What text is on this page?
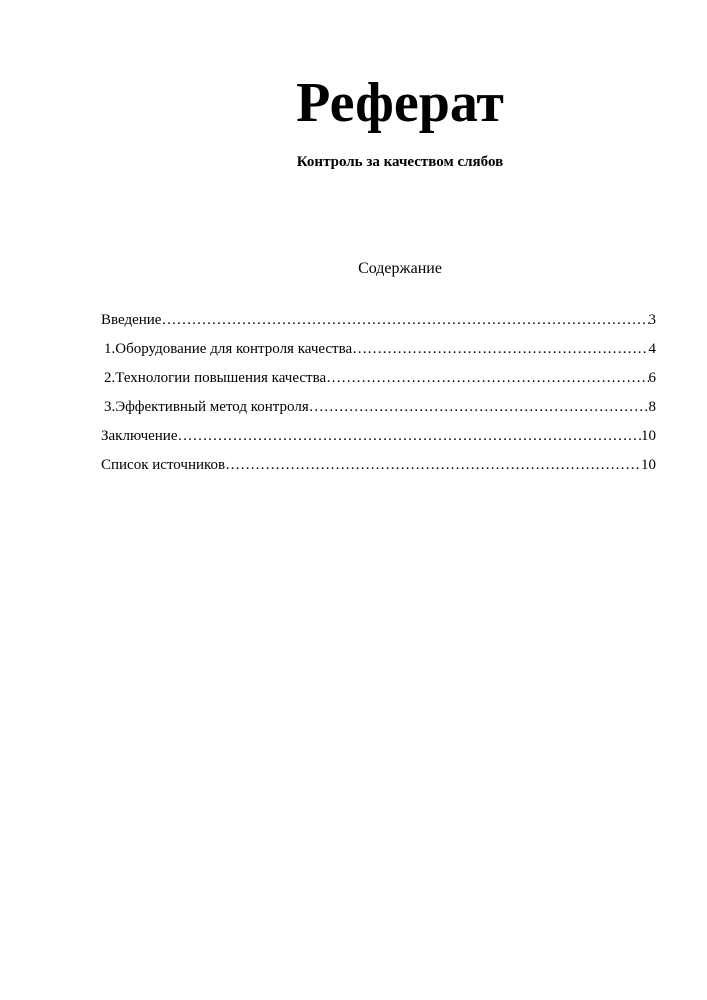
Реферат
Контроль за качеством слябов
Содержание
Введение ………………………………………………………………………………………………………………………………………………	3
1. Оборудование для контроля качества ………………………………………………………………………………………………………………………………………………	4
2. Технологии повышения качества ………………………………………………………………………………………………………………………………………………	6
3. Эффективный метод контроля ………………………………………………………………………………………………………………………………………………	8
Заключение ………………………………………………………………………………………………………………………………………………	10
Список источников ………………………………………………………………………………………………………………………………………………	10
